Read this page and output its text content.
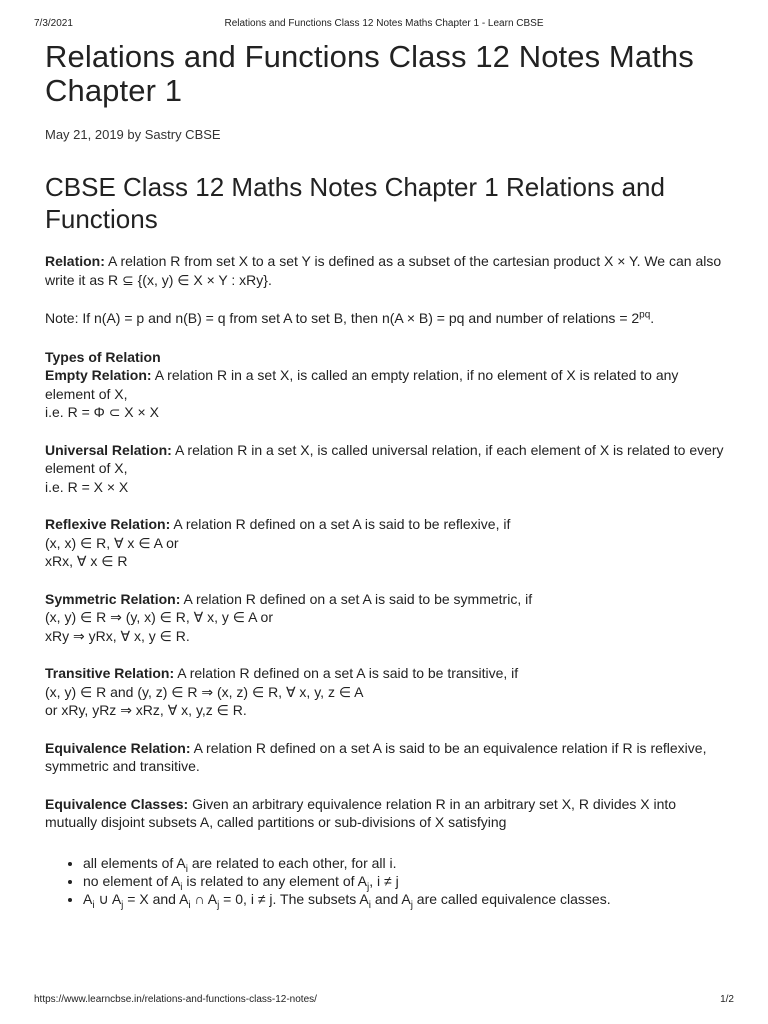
7/3/2021	Relations and Functions Class 12 Notes Maths Chapter 1 - Learn CBSE
Relations and Functions Class 12 Notes Maths Chapter 1
May 21, 2019 by Sastry CBSE
CBSE Class 12 Maths Notes Chapter 1 Relations and Functions

Relation: A relation R from set X to a set Y is defined as a subset of the cartesian product X × Y. We can also write it as R ⊆ {(x, y) ∈ X × Y : xRy}.

Note: If n(A) = p and n(B) = q from set A to set B, then n(A × B) = pq and number of relations = $2^{pq}$.

Types of Relation
Empty Relation: A relation R in a set X, is called an empty relation, if no element of X is related to any element of X,
i.e. R = Φ ⊂ X × X

Universal Relation: A relation R in a set X, is called universal relation, if each element of X is related to every element of X,
i.e. R = X × X

Reflexive Relation: A relation R defined on a set A is said to be reflexive, if
(x, x) ∈ R, ∀ x ∈ A or
xRx, ∀ x ∈ R

Symmetric Relation: A relation R defined on a set A is said to be symmetric, if
(x, y) ∈ R ⇒ (y, x) ∈ R, ∀ x, y ∈ A or
xRy ⇒ yRx, ∀ x, y ∈ R.

Transitive Relation: A relation R defined on a set A is said to be transitive, if
(x, y) ∈ R and (y, z) ∈ R ⇒ (x, z) ∈ R, ∀ x, y, z ∈ A
or xRy, yRz ⇒ xRz, ∀ x, y,z ∈ R.

Equivalence Relation: A relation R defined on a set A is said to be an equivalence relation if R is reflexive, symmetric and transitive.

Equivalence Classes: Given an arbitrary equivalence relation R in an arbitrary set X, R divides X into mutually disjoint subsets A, called partitions or sub-divisions of X satisfying

• all elements of $A_i$ are related to each other, for all i.
• no element of $A_i$ is related to any element of $A_j$, i ≠ j
• $A_i$ ∪ $A_j = X$ and $A_i$ ∩ $A_j = 0$, i ≠ j. The subsets $A_i$ and $A_j$ are called equivalence classes.
https://www.learncbse.in/relations-and-functions-class-12-notes/	1/2
